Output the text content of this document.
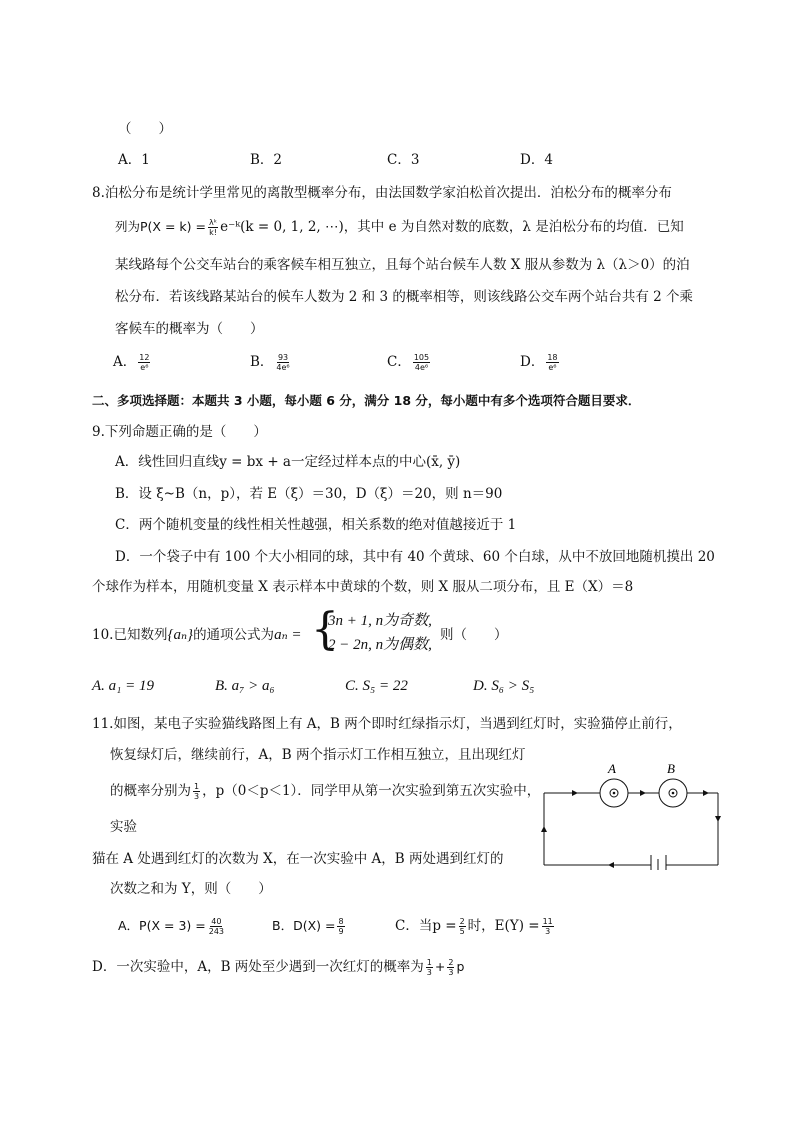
（　　）
A．1	B．2	C．3	D．4
8.泊松分布是统计学里常见的离散型概率分布，由法国数学家泊松首次提出．泊松分布的概率分布
列为$P(X = k) = \frac{\text{λᵏ}}{k!}$ e⁻ᵏ(k = 0, 1, 2, ⋯)，其中 e 为自然对数的底数，λ 是泊松分布的均值．已知
某线路每个公交车站台的乘客候车相互独立，且每个站台候车人数 X 服从参数为 λ（λ＞0）的泊
松分布．若该线路某站台的候车人数为 2 和 3 的概率相等，则该线路公交车两个站台共有 2 个乘
客候车的概率为（　　）
A． $\frac{12}{\text{e⁶}}$	B． $\frac{93}{\text{4e⁶}}$	C． $\frac{105}{\text{4e⁶}}$	D． $\frac{18}{\text{e⁶}}$
二、多项选择题：本题共 3 小题，每小题 6 分，满分 18 分，每小题中有多个选项符合题目要求．
9.下列命题正确的是（　　）
A．线性回归直线y = bx + a一定经过样本点的中心(x̄, ȳ)
B．设 ξ~B（n，p），若 E（ξ）＝30，D（ξ）＝20，则 n＝90
C．两个随机变量的线性相关性越强，相关系数的绝对值越接近于 1
D．一个袋子中有 100 个大小相同的球，其中有 40 个黄球、60 个白球，从中不放回地随机摸出 20
个球作为样本，用随机变量 X 表示样本中黄球的个数，则 X 服从二项分布，且 E（X）＝8
10.已知数列{aₙ}的通项公式为aₙ = {
3n + 1, n为奇数,
2 − 2n, n为偶数,
则（　　）
A. a₁ = 19	B. a₇ > a₆	C. S₅ = 22	D. S₆ > S₅
11.如图，某电子实验猫线路图上有 A，B 两个即时红绿指示灯，当遇到红灯时，实验猫停止前行，
恢复绿灯后，继续前行，A，B 两个指示灯工作相互独立，且出现红灯
的概率分别为 $\frac{1}{3}$ ，p（0＜p＜1）．同学甲从第一次实验到第五次实验中，
实验
猫在 A 处遇到红灯的次数为 X，在一次实验中 A，B 两处遇到红灯的
次数之和为 Y，则（　　）
A．$P(X = 3) = \frac{40}{243}$	B．$D(X) = \frac{8}{9}$	C．当$p = \frac{2}{5}$ 时，$E(Y) = \frac{11}{3}$
D．一次实验中，A，B 两处至少遇到一次红灯的概率为 $\frac{1}{3} + \frac{2}{3}$ p
A	B
